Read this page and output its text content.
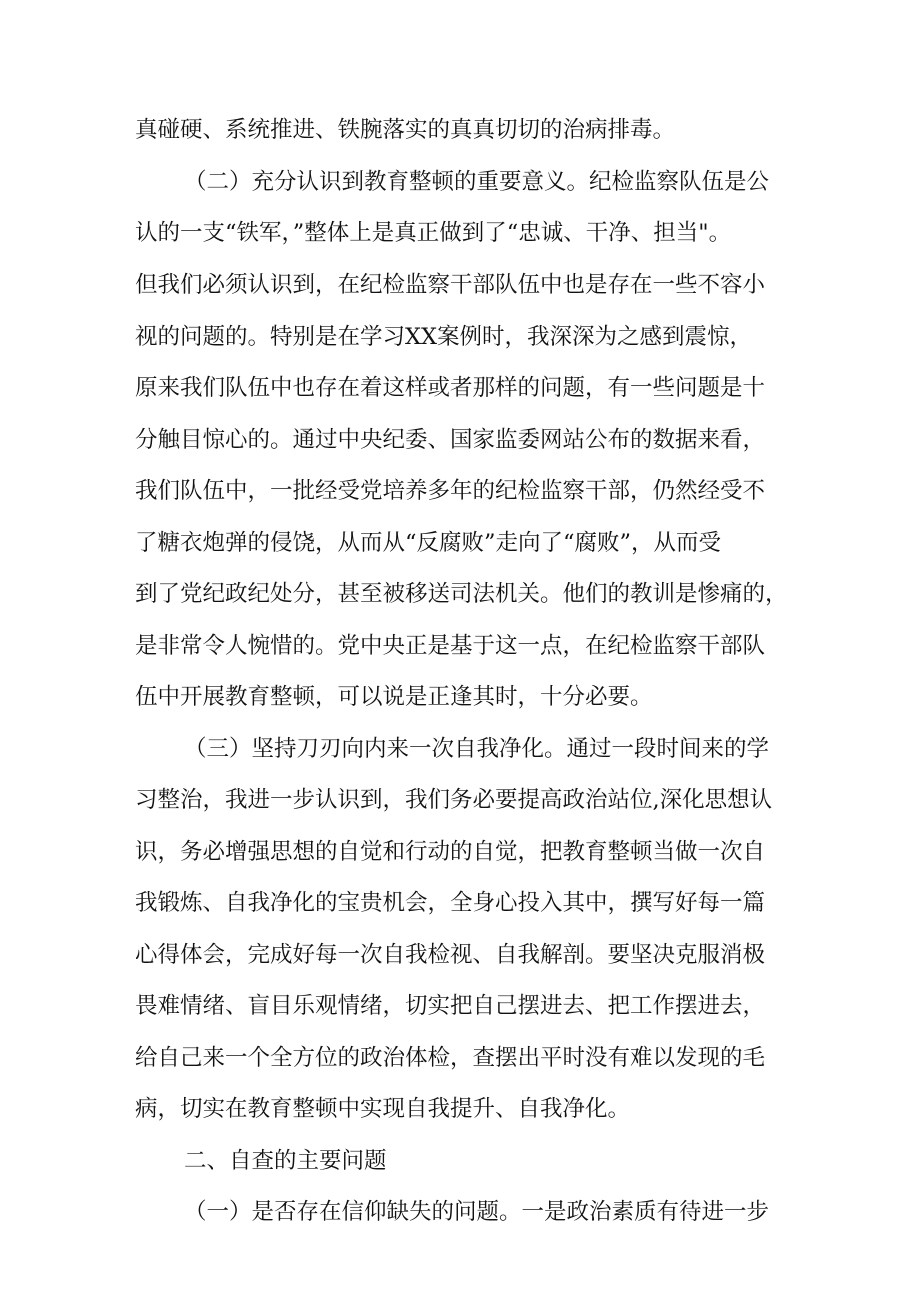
真碰硬、系统推进、铁腕落实的真真切切的治病排毒。
（二）充分认识到教育整顿的重要意义。纪检监察队伍是公
认的一支“铁军，”整体上是真正做到了“忠诚、干净、担当"。
但我们必须认识到，在纪检监察干部队伍中也是存在一些不容小
视的问题的。特别是在学习XX案例时，我深深为之感到震惊，
原来我们队伍中也存在着这样或者那样的问题，有一些问题是十
分触目惊心的。通过中央纪委、国家监委网站公布的数据来看，
我们队伍中，一批经受党培养多年的纪检监察干部，仍然经受不
了糖衣炮弹的侵饶，从而从“反腐败”走向了“腐败”，从而受
到了党纪政纪处分，甚至被移送司法机关。他们的教训是惨痛的，
是非常令人惋惜的。党中央正是基于这一点，在纪检监察干部队
伍中开展教育整顿，可以说是正逢其时，十分必要。
（三）坚持刀刃向内来一次自我净化。通过一段时间来的学
习整治，我进一步认识到，我们务必要提高政治站位,深化思想认
识，务必增强思想的自觉和行动的自觉，把教育整顿当做一次自
我锻炼、自我净化的宝贵机会，全身心投入其中，撰写好每一篇
心得体会，完成好每一次自我检视、自我解剖。要坚决克服消极
畏难情绪、盲目乐观情绪，切实把自己摆进去、把工作摆进去，
给自己来一个全方位的政治体检，查摆出平时没有难以发现的毛
病，切实在教育整顿中实现自我提升、自我净化。
二、自查的主要问题
（一）是否存在信仰缺失的问题。一是政治素质有待进一步
